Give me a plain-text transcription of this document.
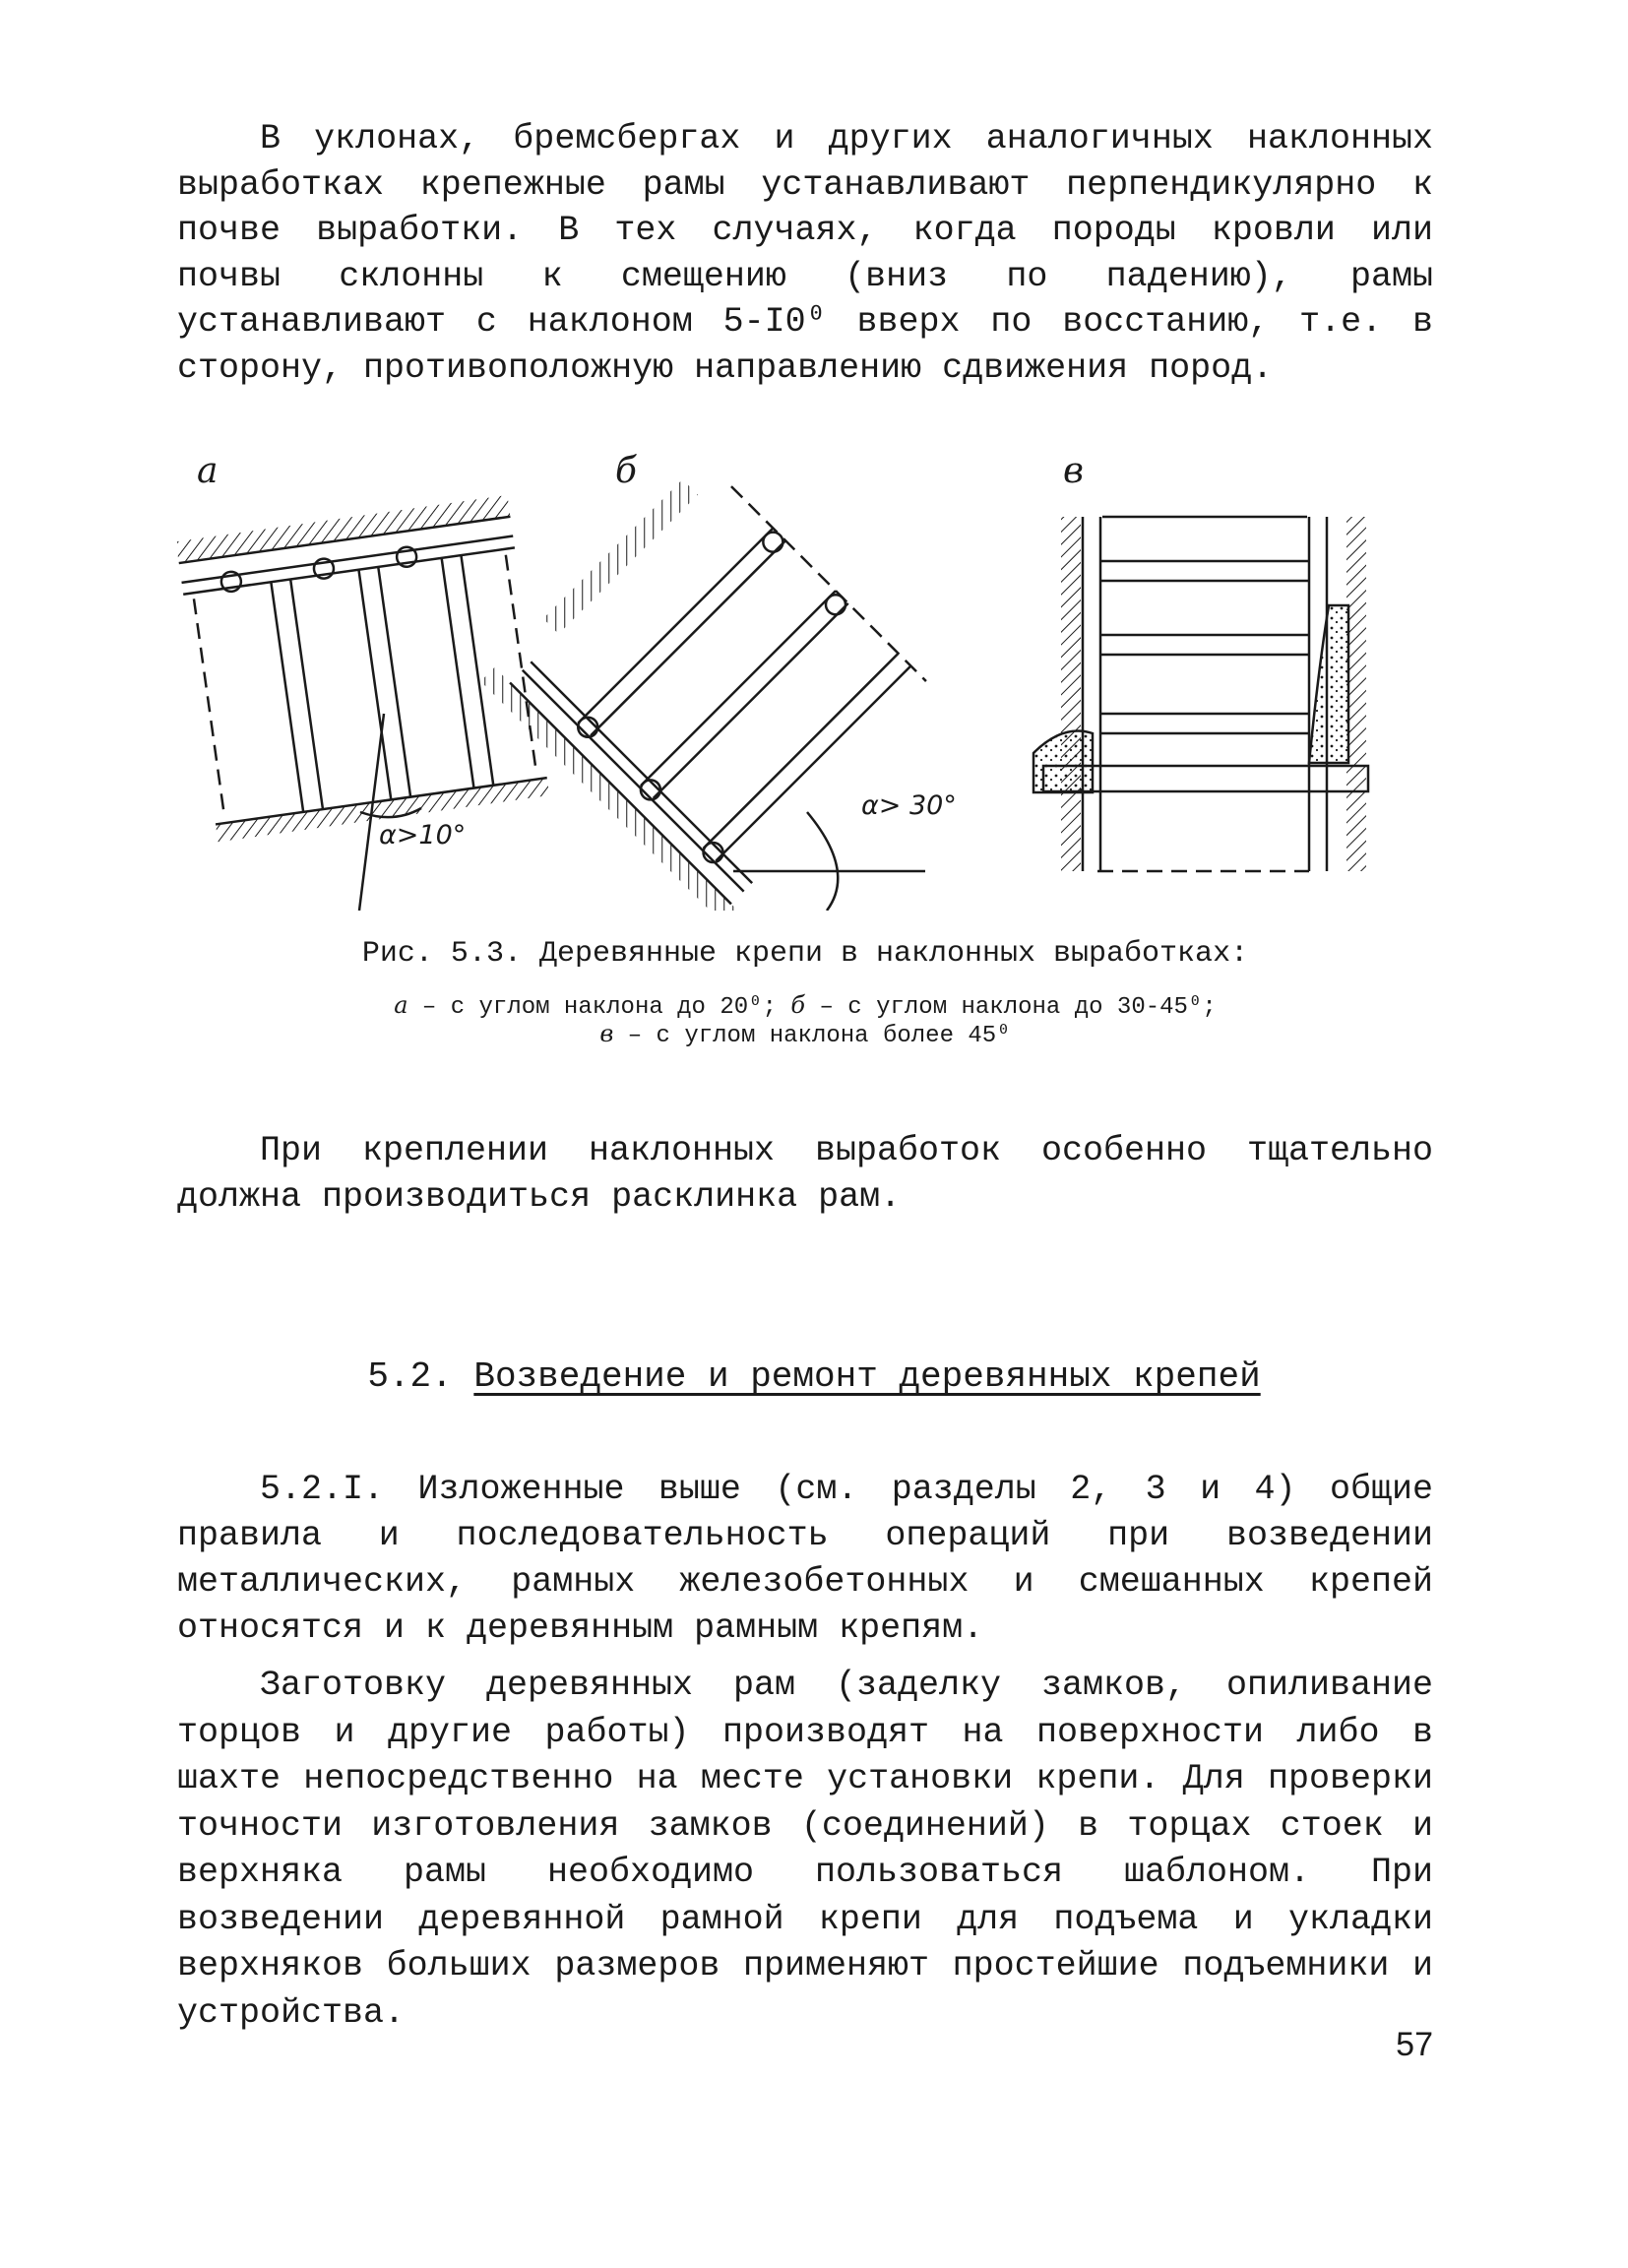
В уклонах, бремсбергах и других аналогичных наклонных выработках крепежные рамы устанавливают перпендикулярно к почве выработки. В тех случаях, когда породы кровли или почвы склонны к смещению (вниз по падению), рамы устанавливают с наклоном 5-I0⁰ вверх по восстанию, т.е. в сторону, противоположную направлению сдвижения пород.

а
α>10°
б
α> 30°
в

Рис. 5.3. Деревянные крепи в наклонных выработках:

а – с углом наклона до 20⁰; б – с углом наклона до 30-45⁰;
в – с углом наклона более 45⁰

При креплении наклонных выработок особенно тщательно должна производиться расклинка рам.

5.2. Возведение и ремонт деревянных крепей

5.2.I. Изложенные выше (см. разделы 2, 3 и 4) общие правила и последовательность операций при возведении металлических, рамных железобетонных и смешанных крепей относятся и к деревянным рамным крепям.

Заготовку деревянных рам (заделку замков, опиливание торцов и другие работы) производят на поверхности либо в шахте непосредственно на месте установки крепи. Для проверки точности изготовления замков (соединений) в торцах стоек и верхняка рамы необходимо пользоваться шаблоном. При возведении деревянной рамной крепи для подъема и укладки верхняков больших размеров применяют простейшие подъемники и устройства.

57
